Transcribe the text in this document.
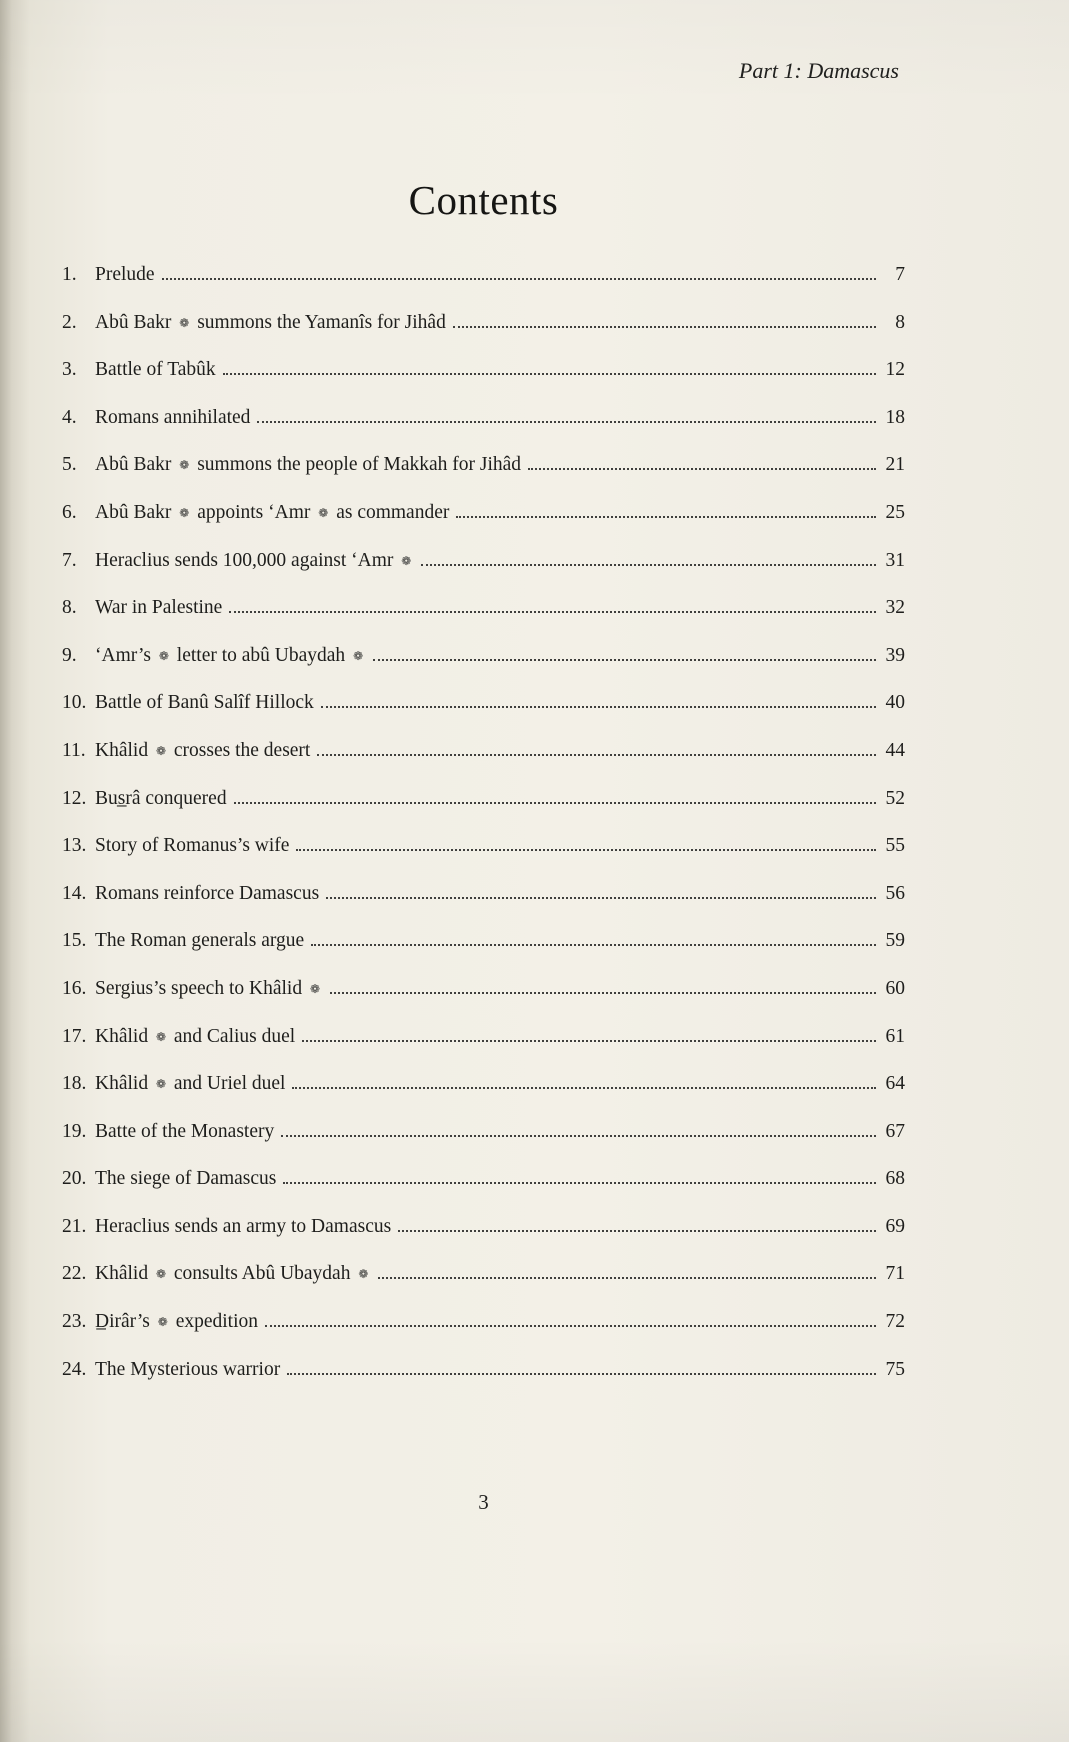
Part 1: Damascus
Contents
1. Prelude	7
2. Abû Bakr ❁ summons the Yamanîs for Jihâd	8
3. Battle of Tabûk	12
4. Romans annihilated	18
5. Abû Bakr ❁ summons the people of Makkah for Jihâd	21
6. Abû Bakr ❁ appoints ‘Amr ❁ as commander	25
7. Heraclius sends 100,000 against ‘Amr ❁	31
8. War in Palestine	32
9. ‘Amr’s ❁ letter to abû Ubaydah ❁	39
10. Battle of Banû Salîf Hillock	40
11. Khâlid ❁ crosses the desert	44
12. Bus̲râ conquered	52
13. Story of Romanus’s wife	55
14. Romans reinforce Damascus	56
15. The Roman generals argue	59
16. Sergius’s speech to Khâlid ❁	60
17. Khâlid ❁ and Calius duel	61
18. Khâlid ❁ and Uriel duel	64
19. Batte of the Monastery	67
20. The siege of Damascus	68
21. Heraclius sends an army to Damascus	69
22. Khâlid ❁ consults Abû Ubaydah ❁	71
23. D̲irâr’s ❁ expedition	72
24. The Mysterious warrior	75
3
